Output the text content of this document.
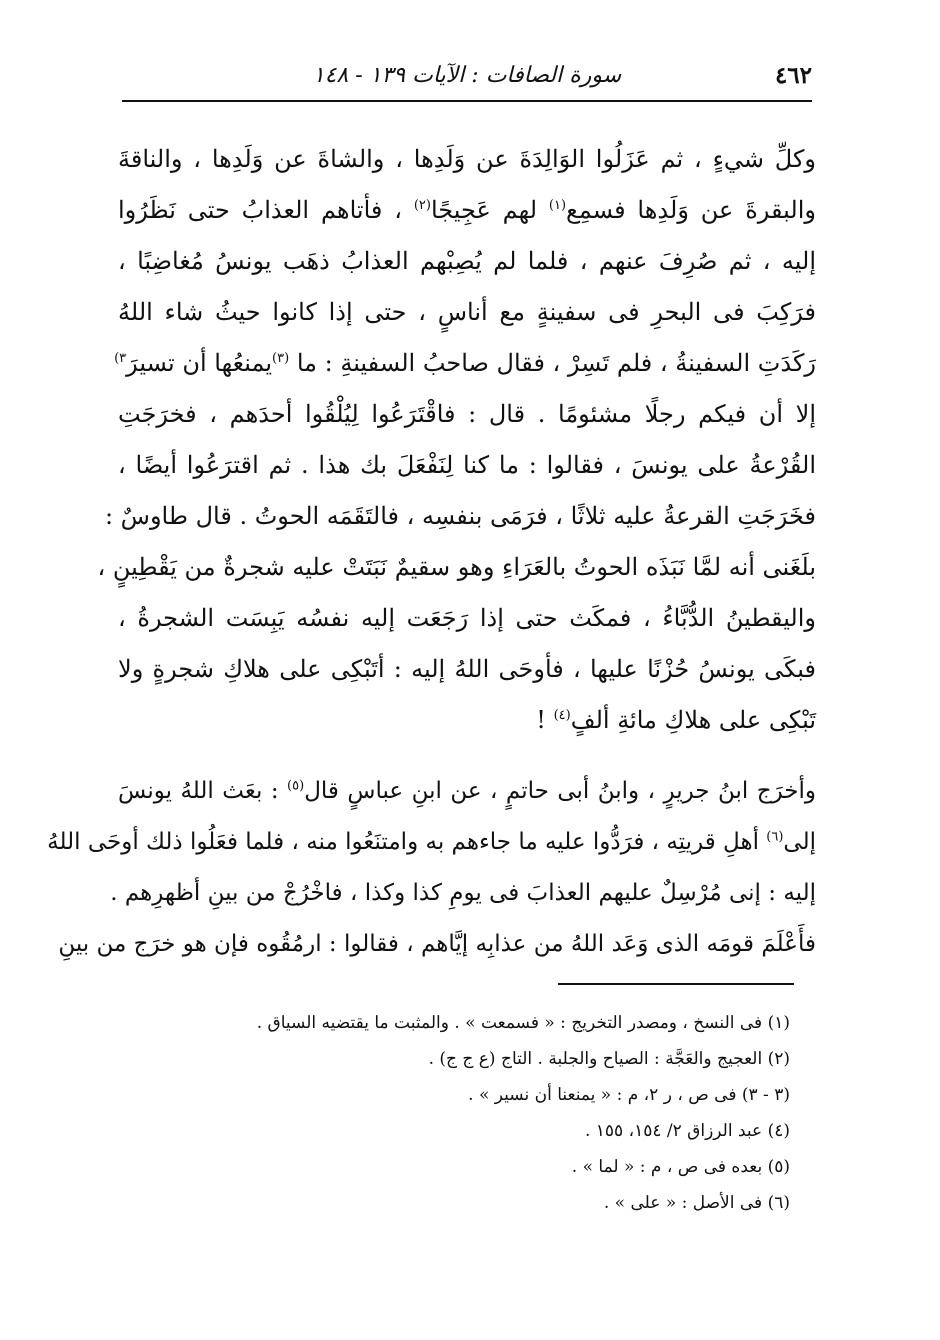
٤٦٢
سورة الصافات : الآيات ١٣٩ - ١٤٨

وكلِّ شيءٍ ، ثم عَزَلُوا الوَالِدَةَ عن وَلَدِها ، والشاةَ عن وَلَدِها ، والناقةَ

والبقرةَ عن وَلَدِها فسمِع$^{(١)}$ لهم عَجِيجًا$^{(٢)}$ ، فأتاهم العذابُ حتى نَظَرُوا

إليه ، ثم صُرِفَ عنهم ، فلما لم يُصِبْهم العذابُ ذهَب يونسُ مُغاضِبًا ،

فرَكِبَ فى البحرِ فى سفينةٍ مع أناسٍ ، حتى إذا كانوا حيثُ شاء اللهُ

رَكَدَتِ السفينةُ ، فلم تَسِرْ ، فقال صاحبُ السفينةِ : ما $^{(٣)}$يمنعُها أن تسيرَ$^{٣)}$

إلا أن فيكم رجلًا مشئومًا . قال : فاقْتَرَعُوا لِيُلْقُوا أحدَهم ، فخرَجَتِ

القُرْعةُ على يونسَ ، فقالوا : ما كنا لِنَفْعَلَ بك هذا . ثم اقترَعُوا أيضًا ،

فخَرَجَتِ القرعةُ عليه ثلاثًا ، فرَمَى بنفسِه ، فالتَقَمَه الحوتُ . قال طاوسٌ :

بلَغَنى أنه لمَّا نَبَذَه الحوتُ بالعَرَاءِ وهو سقيمٌ نَبَتَتْ عليه شجرةٌ من يَقْطِينٍ ،

واليقطينُ الدُّبَّاءُ ، فمكَث حتى إذا رَجَعَت إليه نفسُه يَبِسَت الشجرةُ ،

فبكَى يونسُ حُزْنًا عليها ، فأوحَى اللهُ إليه : أتَبْكِى على هلاكِ شجرةٍ ولا

تَبْكِى على هلاكِ مائةِ ألفٍ$^{(٤)}$ !

وأخرَج ابنُ جريرٍ ، وابنُ أبى حاتمٍ ، عن ابنِ عباسٍ قال$^{(٥)}$ : بعَث اللهُ يونسَ

إلى$^{(٦)}$ أهلِ قريتِه ، فرَدُّوا عليه ما جاءهم به وامتنَعُوا منه ، فلما فعَلُوا ذلك أوحَى اللهُ

إليه : إنى مُرْسِلٌ عليهم العذابَ فى يومِ كذا وكذا ، فاخْرُجْ من بينِ أظهرِهم .

فأَعْلَمَ قومَه الذى وَعَد اللهُ من عذابِه إيَّاهم ، فقالوا : ارمُقُوه فإن هو خرَج من بينِ

(١) فى النسخ ، ومصدر التخريج : « فسمعت » . والمثبت ما يقتضيه السياق .

(٢) العجيج والعَجَّة : الصياح والجلبة . التاج (ع ج ج) .

(٣ - ٣) فى ص ، ر ٢، م : « يمنعنا أن نسير » .

(٤) عبد الرزاق ٢/ ١٥٤، ١٥٥ .

(٥) بعده فى ص ، م : « لما » .

(٦) فى الأصل : « على » .
